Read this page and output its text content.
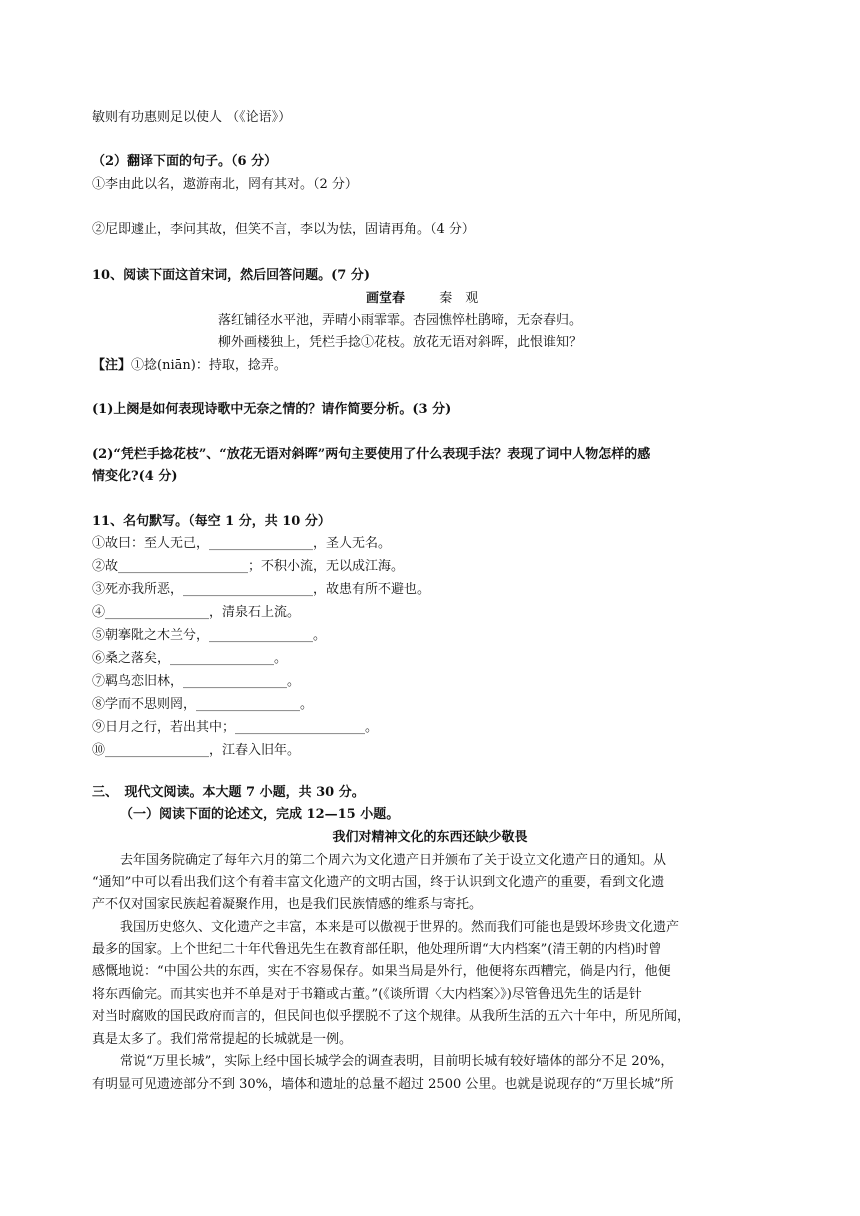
敏则有功惠则足以使人 （《论语》）
（2）翻译下面的句子。（6 分）
①李由此以名，遨游南北，罔有其对。（2 分）
②尼即遽止，李问其故，但笑不言，李以为怯，固请再角。（4 分）
10、阅读下面这首宋词，然后回答问题。(7 分)
画堂春	秦　观
落红铺径水平池，弄晴小雨霏霏。杏园憔悴杜鹃啼，无奈春归。
柳外画楼独上，凭栏手捻①花枝。放花无语对斜晖，此恨谁知？
【注】①捻(niān)：持取，捻弄。
(1)上阕是如何表现诗歌中无奈之情的？请作简要分析。(3 分)
(2)“凭栏手捻花枝”、“放花无语对斜晖”两句主要使用了什么表现手法？表现了词中人物怎样的感
情变化?(4 分)
11、名句默写。（每空 1 分，共 10 分）
①故曰：至人无己，________________，圣人无名。
②故____________________；不积小流，无以成江海。
③死亦我所恶，____________________，故患有所不避也。
④________________，清泉石上流。
⑤朝搴阰之木兰兮，________________。
⑥桑之落矣，________________。
⑦羁鸟恋旧林，________________。
⑧学而不思则罔，________________。
⑨日月之行，若出其中；____________________。
⑩________________，江春入旧年。
三、　现代文阅读。本大题 7 小题，共 30 分。
（一）阅读下面的论述文，完成 12—15 小题。
我们对精神文化的东西还缺少敬畏
去年国务院确定了每年六月的第二个周六为文化遗产日并颁布了关于设立文化遗产日的通知。从
“通知”中可以看出我们这个有着丰富文化遗产的文明古国，终于认识到文化遗产的重要，看到文化遗
产不仅对国家民族起着凝聚作用，也是我们民族情感的维系与寄托。
我国历史悠久、文化遗产之丰富，本来是可以傲视于世界的。然而我们可能也是毁坏珍贵文化遗产
最多的国家。上个世纪二十年代鲁迅先生在教育部任职，他处理所谓“大内档案”(清王朝的内档)时曾
感慨地说：“中国公共的东西，实在不容易保存。如果当局是外行，他便将东西糟完，倘是内行，他便
将东西偷完。而其实也并不单是对于书籍或古董。”(《谈所谓〈大内档案〉》)尽管鲁迅先生的话是针
对当时腐败的国民政府而言的，但民间也似乎摆脱不了这个规律。从我所生活的五六十年中，所见所闻，
真是太多了。我们常常提起的长城就是一例。
常说“万里长城”，实际上经中国长城学会的调查表明，目前明长城有较好墙体的部分不足 20%，
有明显可见遗迹部分不到 30%，墙体和遗址的总量不超过 2500 公里。也就是说现存的“万里长城”所
